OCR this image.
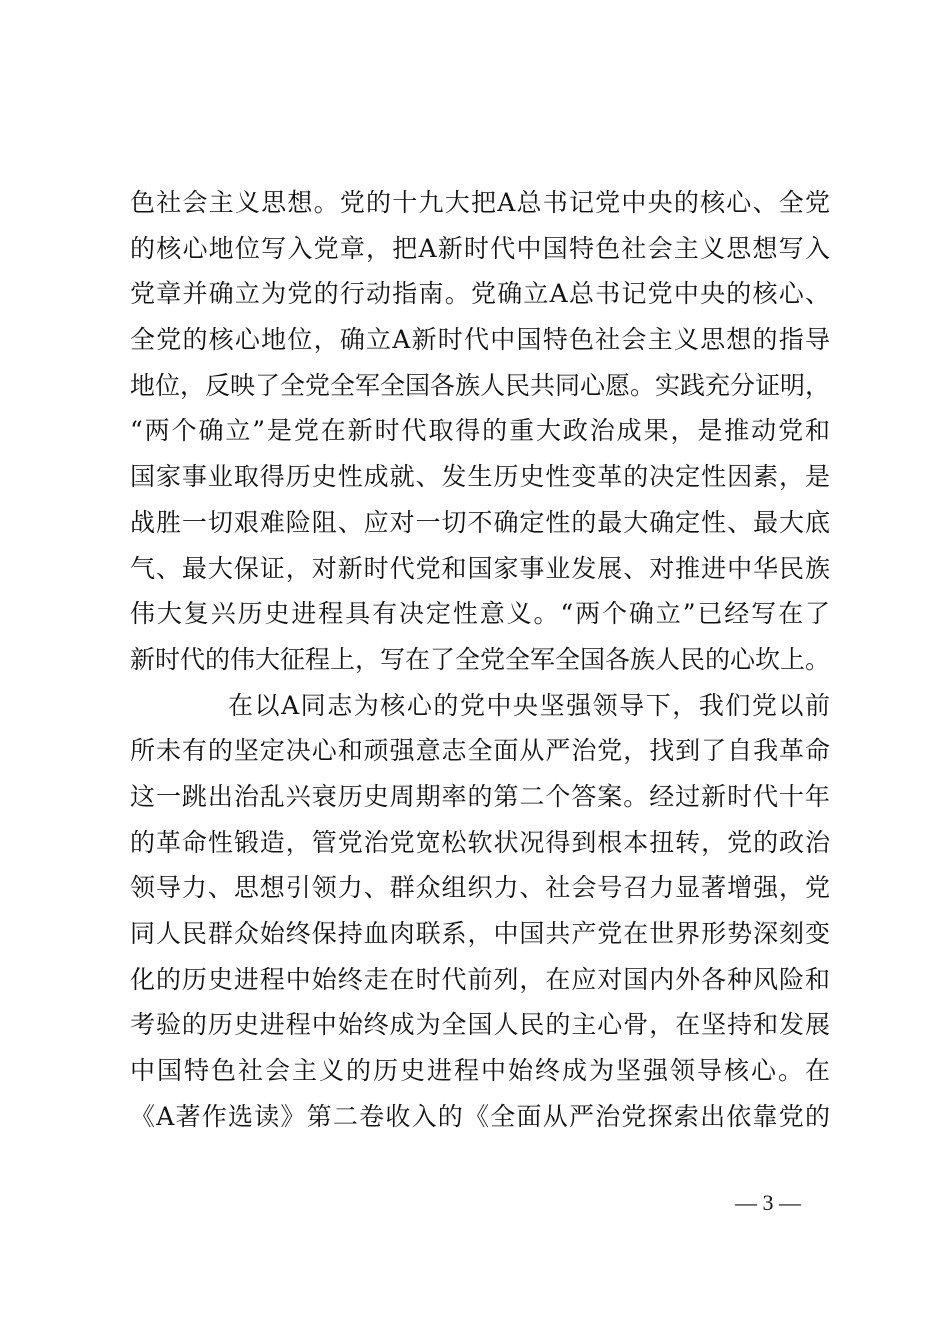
色社会主义思想。党的十九大把A总书记党中央的核心、全党
的核心地位写入党章，把A新时代中国特色社会主义思想写入
党章并确立为党的行动指南。党确立A总书记党中央的核心、
全党的核心地位，确立A新时代中国特色社会主义思想的指导
地位，反映了全党全军全国各族人民共同心愿。实践充分证明，
“两个确立”是党在新时代取得的重大政治成果，是推动党和
国家事业取得历史性成就、发生历史性变革的决定性因素，是
战胜一切艰难险阻、应对一切不确定性的最大确定性、最大底
气、最大保证，对新时代党和国家事业发展、对推进中华民族
伟大复兴历史进程具有决定性意义。“两个确立”已经写在了
新时代的伟大征程上，写在了全党全军全国各族人民的心坎上。
在以A同志为核心的党中央坚强领导下，我们党以前
所未有的坚定决心和顽强意志全面从严治党，找到了自我革命
这一跳出治乱兴衰历史周期率的第二个答案。经过新时代十年
的革命性锻造，管党治党宽松软状况得到根本扭转，党的政治
领导力、思想引领力、群众组织力、社会号召力显著增强，党
同人民群众始终保持血肉联系，中国共产党在世界形势深刻变
化的历史进程中始终走在时代前列，在应对国内外各种风险和
考验的历史进程中始终成为全国人民的主心骨，在坚持和发展
中国特色社会主义的历史进程中始终成为坚强领导核心。在
《A著作选读》第二卷收入的《全面从严治党探索出依靠党的
— 3 —
